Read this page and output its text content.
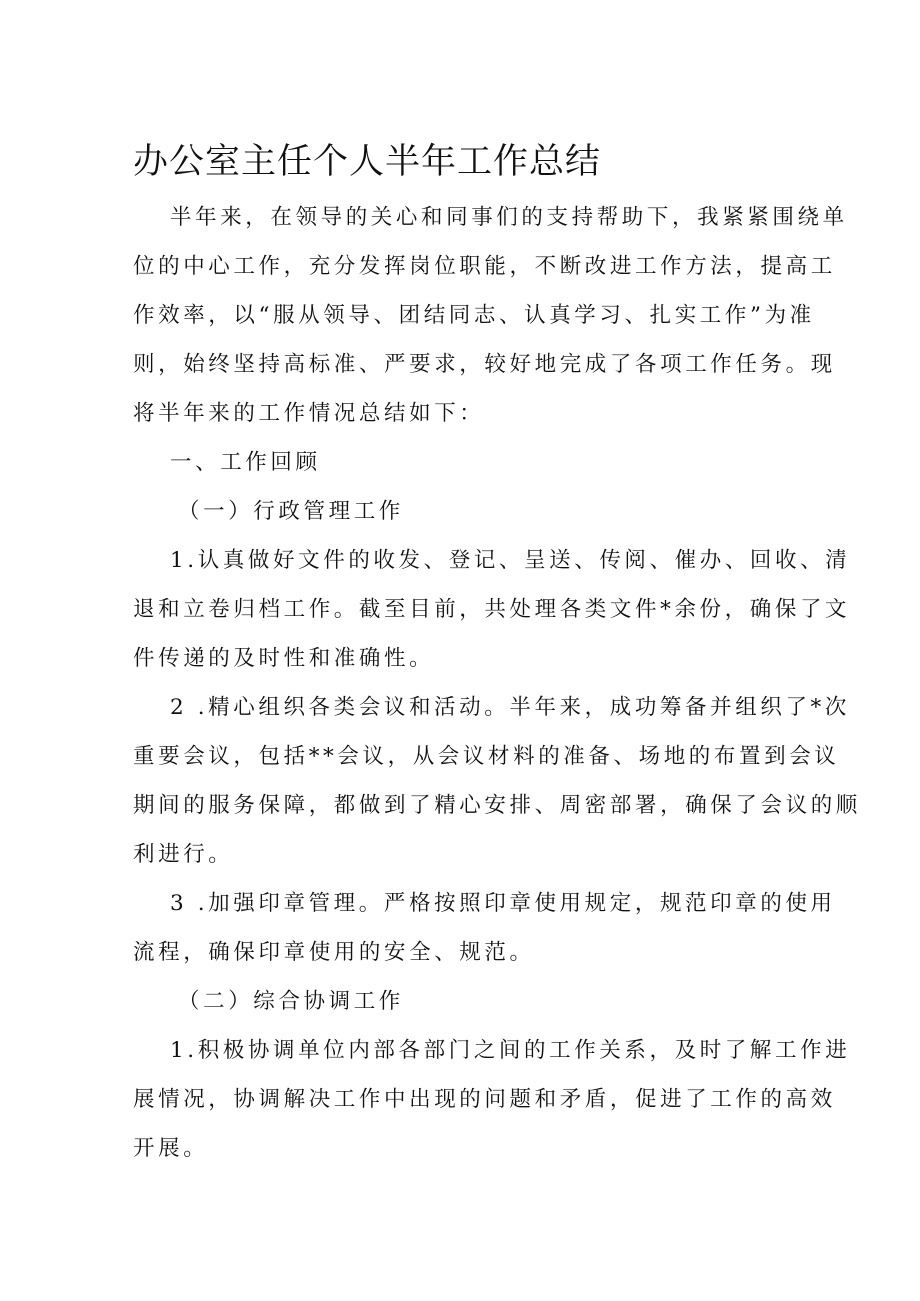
办公室主任个人半年工作总结

半年来，在领导的关心和同事们的支持帮助下，我紧紧围绕单

位的中心工作，充分发挥岗位职能，不断改进工作方法，提高工

作效率，以“服从领导、团结同志、认真学习、扎实工作”为准

则，始终坚持高标准、严要求，较好地完成了各项工作任务。现

将半年来的工作情况总结如下：

一、工作回顾

（一）行政管理工作

1.认真做好文件的收发、登记、呈送、传阅、催办、回收、清

退和立卷归档工作。截至目前，共处理各类文件*余份，确保了文

件传递的及时性和准确性。

2 .精心组织各类会议和活动。半年来，成功筹备并组织了*次

重要会议，包括**会议，从会议材料的准备、场地的布置到会议

期间的服务保障，都做到了精心安排、周密部署，确保了会议的顺

利进行。

3 .加强印章管理。严格按照印章使用规定，规范印章的使用

流程，确保印章使用的安全、规范。

（二）综合协调工作

1.积极协调单位内部各部门之间的工作关系，及时了解工作进

展情况，协调解决工作中出现的问题和矛盾，促进了工作的高效

开展。
